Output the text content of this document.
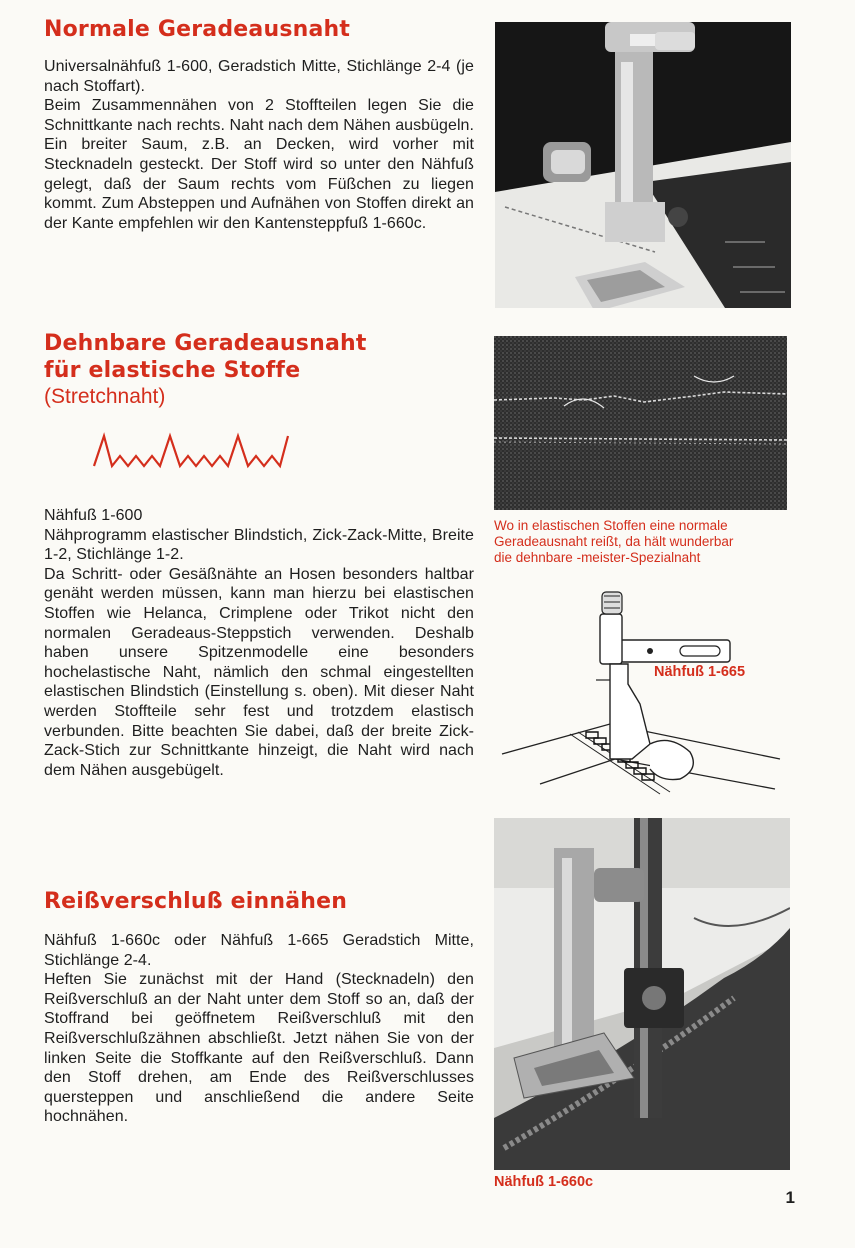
Normale Geradeausnaht

Universalnähfuß 1-600, Geradstich Mitte, Stichlänge 2-4 (je nach Stoffart).

Beim Zusammennähen von 2 Stoffteilen legen Sie die Schnittkante nach rechts. Naht nach dem Nähen ausbügeln. Ein breiter Saum, z.B. an Decken, wird vorher mit Stecknadeln gesteckt. Der Stoff wird so unter den Nähfuß gelegt, daß der Saum rechts vom Füßchen zu liegen kommt. Zum Absteppen und Aufnähen von Stoffen direkt an der Kante empfehlen wir den Kantensteppfuß 1-660c.

Dehnbare Geradeausnaht
für elastische Stoffe
(Stretchnaht)

Nähfuß 1-600

Nähprogramm elastischer Blindstich, Zick-Zack-Mitte, Breite 1-2, Stichlänge 1-2.

Da Schritt- oder Gesäßnähte an Hosen besonders haltbar genäht werden müssen, kann man hierzu bei elastischen Stoffen wie Helanca, Crimplene oder Trikot nicht den normalen Geradeaus-Steppstich verwenden. Deshalb haben unsere Spitzenmodelle eine besonders hochelastische Naht, nämlich den schmal eingestellten elastischen Blindstich (Einstellung s. oben). Mit dieser Naht werden Stoffteile sehr fest und trotzdem elastisch verbunden. Bitte beachten Sie dabei, daß der breite Zick-Zack-Stich zur Schnittkante hinzeigt, die Naht wird nach dem Nähen ausgebügelt.

Reißverschluß einnähen

Nähfuß 1-660c oder Nähfuß 1-665 Geradstich Mitte, Stichlänge 2-4.

Heften Sie zunächst mit der Hand (Stecknadeln) den Reißverschluß an der Naht unter dem Stoff so an, daß der Stoffrand bei geöffnetem Reißverschluß mit den Reißverschlußzähnen abschließt. Jetzt nähen Sie von der linken Seite die Stoffkante auf den Reißverschluß. Dann den Stoff drehen, am Ende des Reißverschlusses quersteppen und anschließend die andere Seite hochnähen.

Wo in elastischen Stoffen eine normale
Geradeausnaht reißt, da hält wunderbar
die dehnbare -meister-Spezialnaht
Nähfuß 1-665
Nähfuß 1-660c
1
